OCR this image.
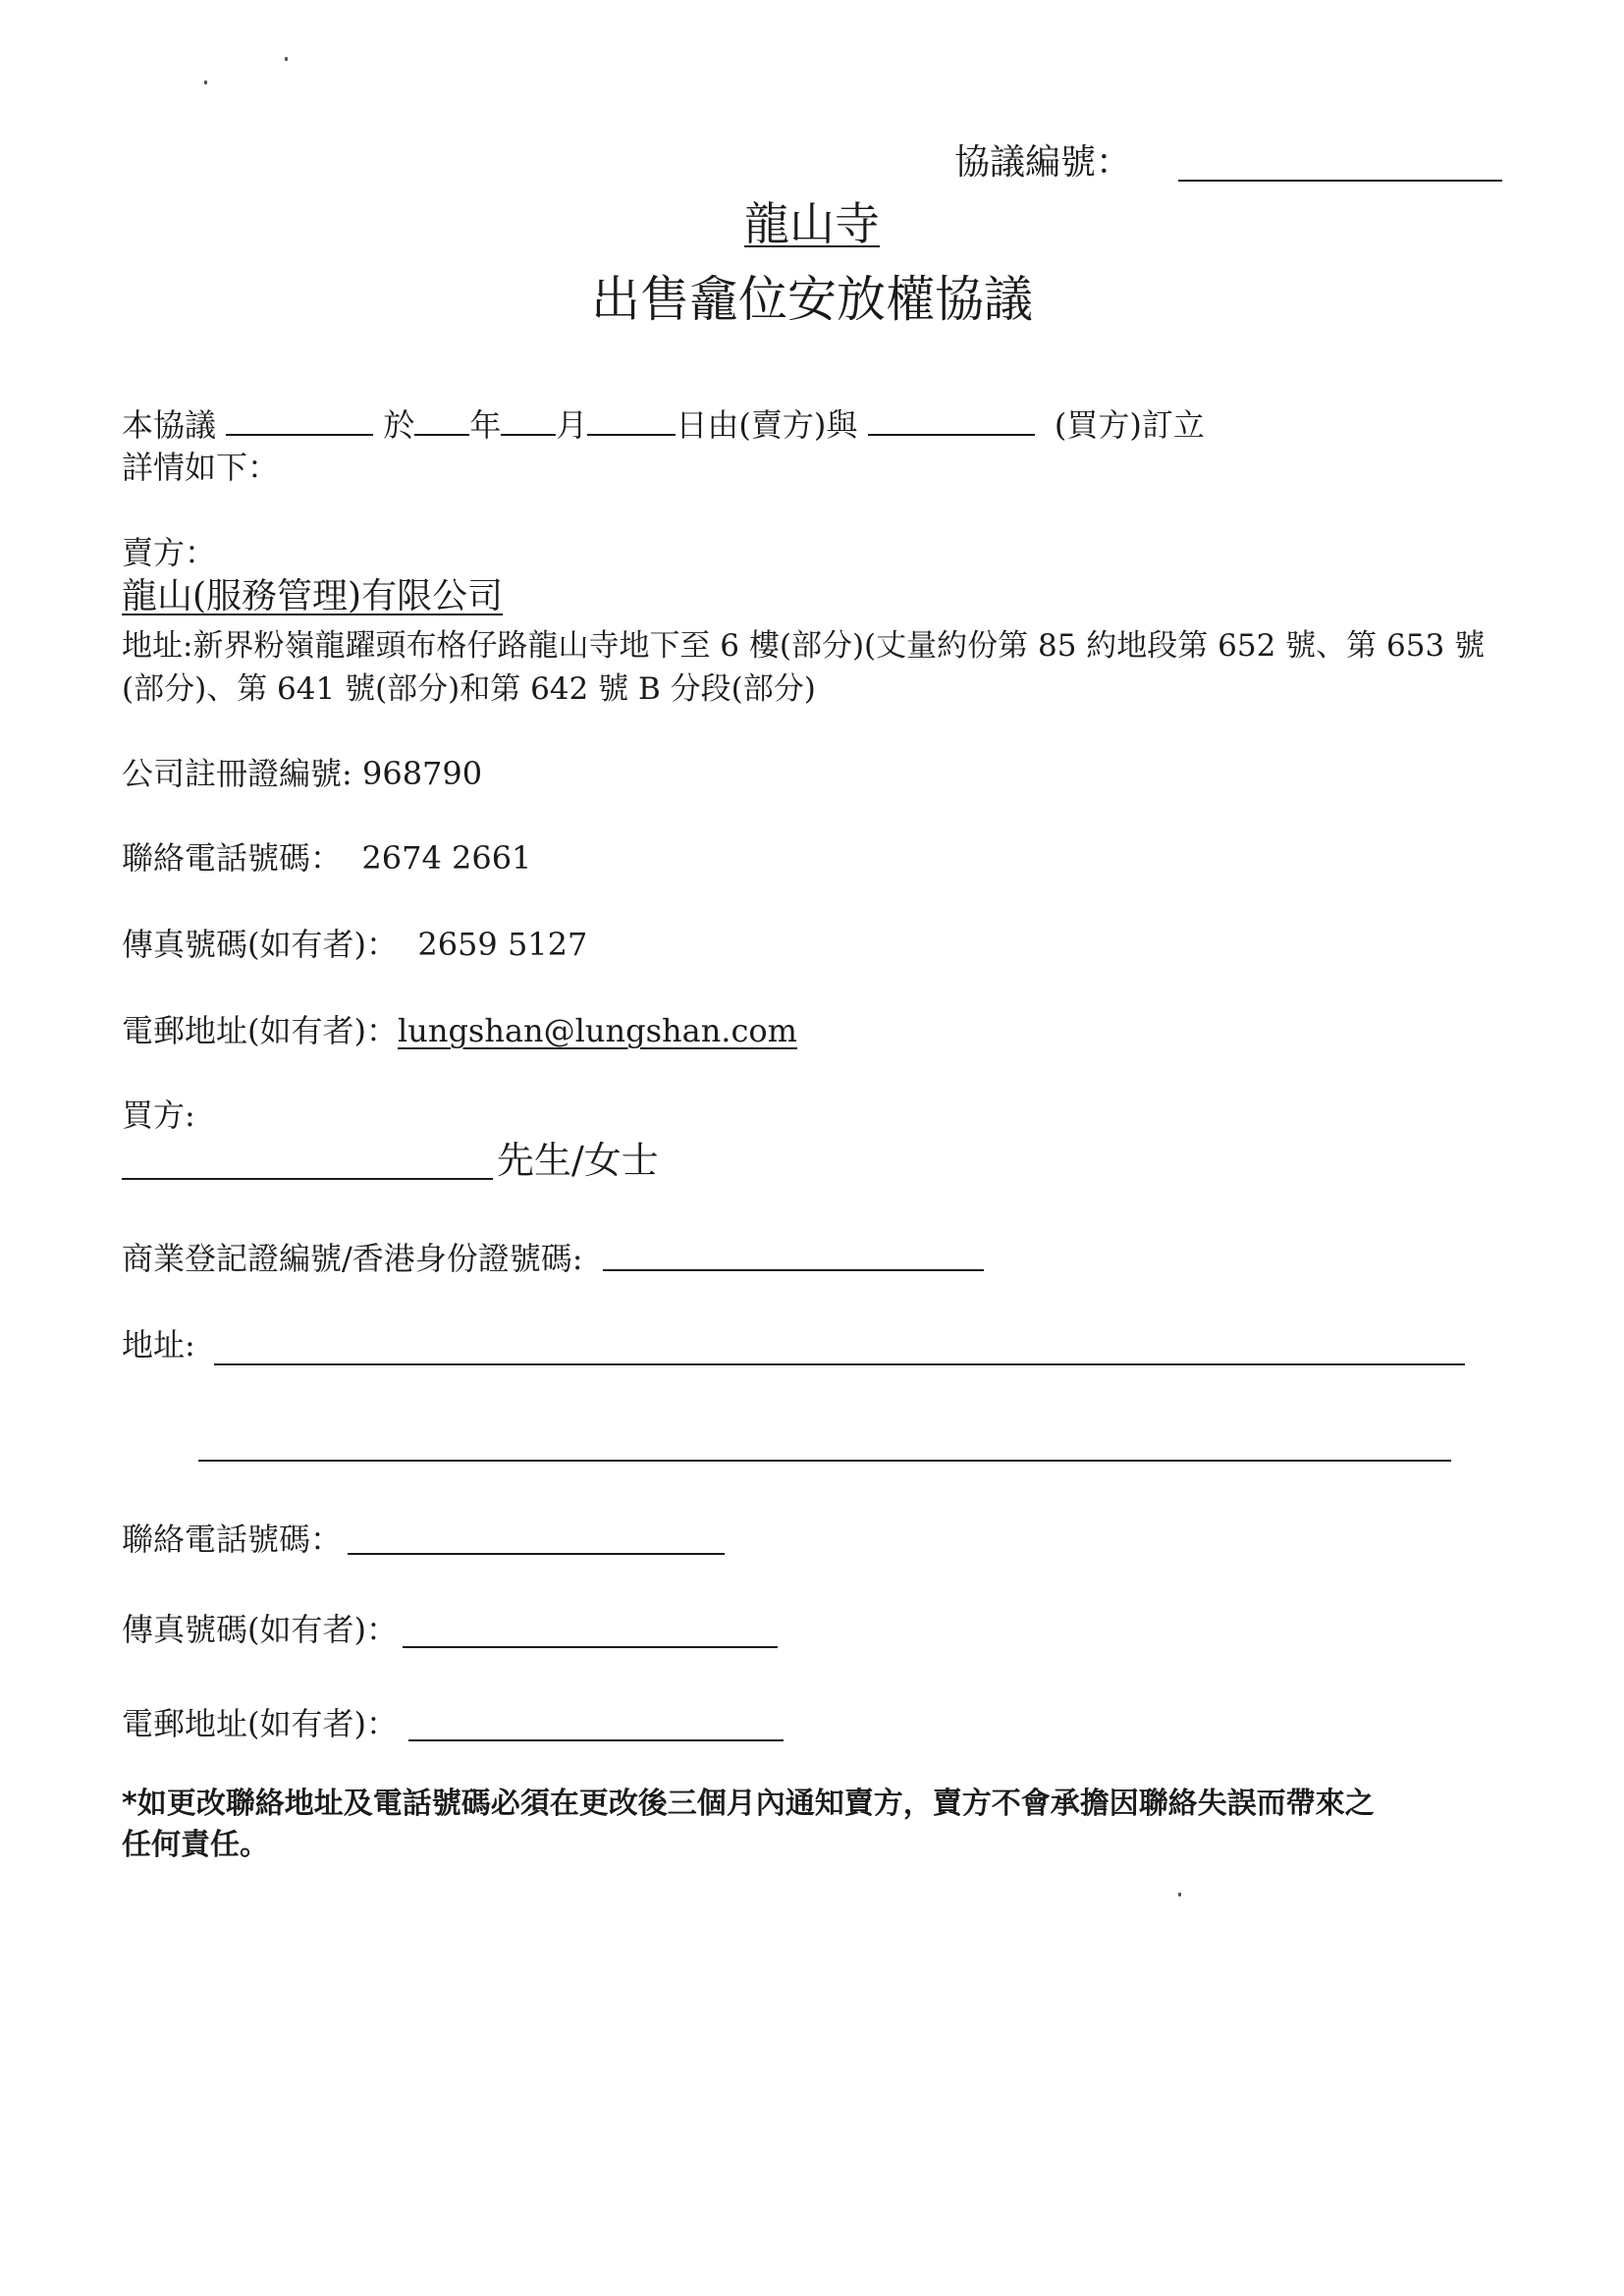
協議編號：
龍山寺
出售龕位安放權協議
本協議	於 年 月	日由(賣方)與	(買方)訂立
詳情如下：
賣方：
龍山(服務管理)有限公司
地址:新界粉嶺龍躍頭布格仔路龍山寺地下至 6 樓(部分)(丈量約份第 85 約地段第 652 號、第 653 號
(部分)、第 641 號(部分)和第 642 號 B 分段(部分)
公司註冊證編號: 968790
聯絡電話號碼：  2674 2661
傳真號碼(如有者)：  2659 5127
電郵地址(如有者)：lungshan@lungshan.com
買方:
先生/女士
商業登記證編號/香港身份證號碼:
地址:
聯絡電話號碼：
傳真號碼(如有者)：
電郵地址(如有者)：
*如更改聯絡地址及電話號碼必須在更改後三個月內通知賣方，賣方不會承擔因聯絡失誤而帶來之
任何責任。
